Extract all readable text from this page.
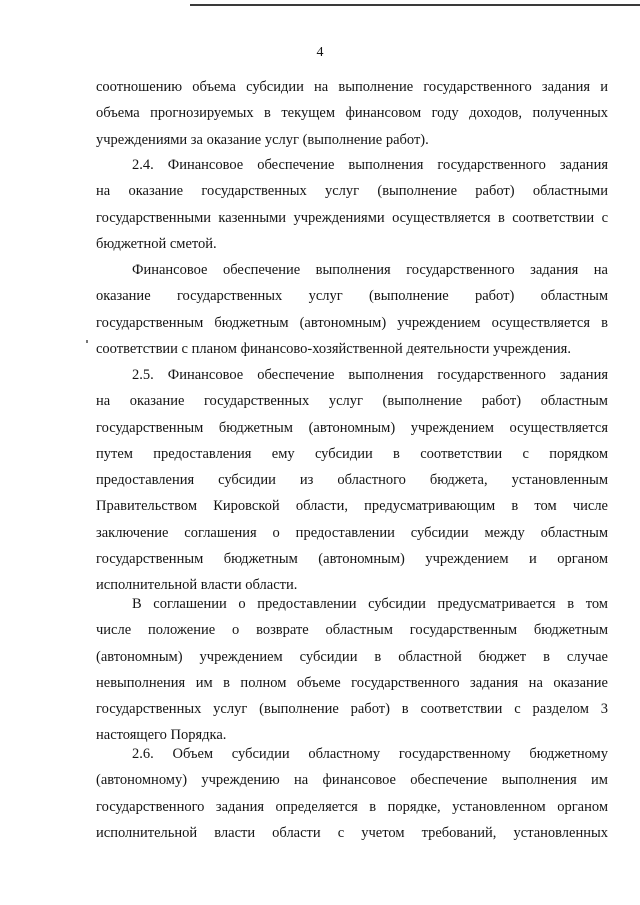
4
соотношению объема субсидии на выполнение государственного задания и
объема прогнозируемых в текущем финансовом году доходов, полученных
учреждениями за оказание услуг (выполнение работ).
2.4. Финансовое обеспечение выполнения государственного задания
на оказание государственных услуг (выполнение работ) областными
государственными казенными учреждениями осуществляется в соответствии с
бюджетной сметой.
Финансовое обеспечение выполнения государственного задания на
оказание государственных услуг (выполнение работ) областным
государственным бюджетным (автономным) учреждением осуществляется в
соответствии с планом финансово-хозяйственной деятельности учреждения.
2.5. Финансовое обеспечение выполнения государственного задания
на оказание государственных услуг (выполнение работ) областным
государственным бюджетным (автономным) учреждением осуществляется
путем предоставления ему субсидии в соответствии с порядком
предоставления субсидии из областного бюджета, установленным
Правительством Кировской области, предусматривающим в том числе
заключение соглашения о предоставлении субсидии между областным
государственным бюджетным (автономным) учреждением и органом
исполнительной власти области.
В соглашении о предоставлении субсидии предусматривается в том
числе положение о возврате областным государственным бюджетным
(автономным) учреждением субсидии в областной бюджет в случае
невыполнения им в полном объеме государственного задания на оказание
государственных услуг (выполнение работ) в соответствии с разделом 3
настоящего Порядка.
2.6. Объем субсидии областному государственному бюджетному
(автономному) учреждению на финансовое обеспечение выполнения им
государственного задания определяется в порядке, установленном органом
исполнительной власти области с учетом требований, установленных
